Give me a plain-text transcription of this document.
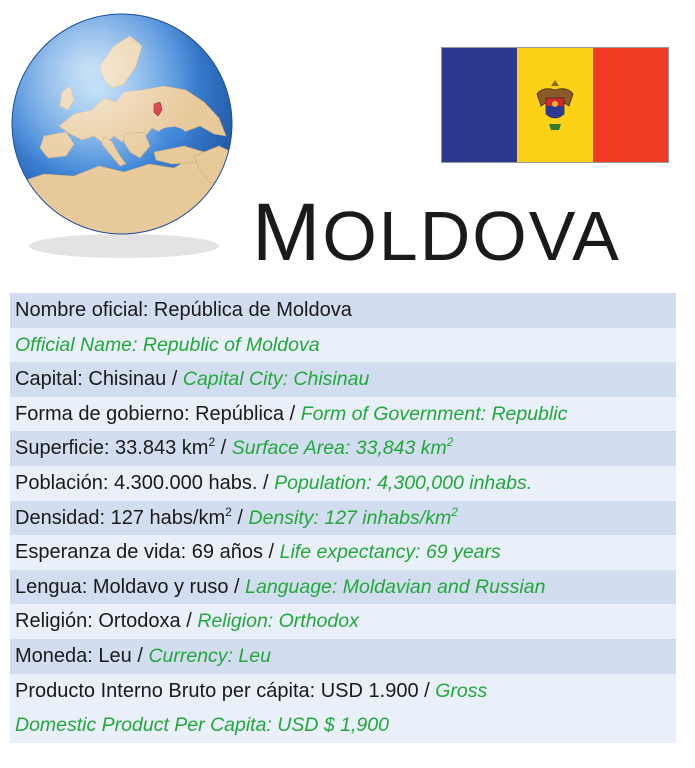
MOLDOVA
Nombre oficial: República de Moldova
Official Name: Republic of Moldova
Capital: Chisinau / Capital City: Chisinau
Forma de gobierno: República / Form of Government: Republic
Superficie: 33.843 $km^2$ / Surface Area: 33,843 $km^2$
Población: 4.300.000 habs. / Population: 4,300,000 inhabs.
Densidad: 127 habs/$km^2$ / Density: 127 inhabs/$km^2$
Esperanza de vida: 69 años / Life expectancy: 69 years
Lengua: Moldavo y ruso / Language: Moldavian and Russian
Religión: Ortodoxa / Religion: Orthodox
Moneda: Leu / Currency: Leu
Producto Interno Bruto per cápita: USD 1.900 / Gross
Domestic Product Per Capita: USD $ 1,900
